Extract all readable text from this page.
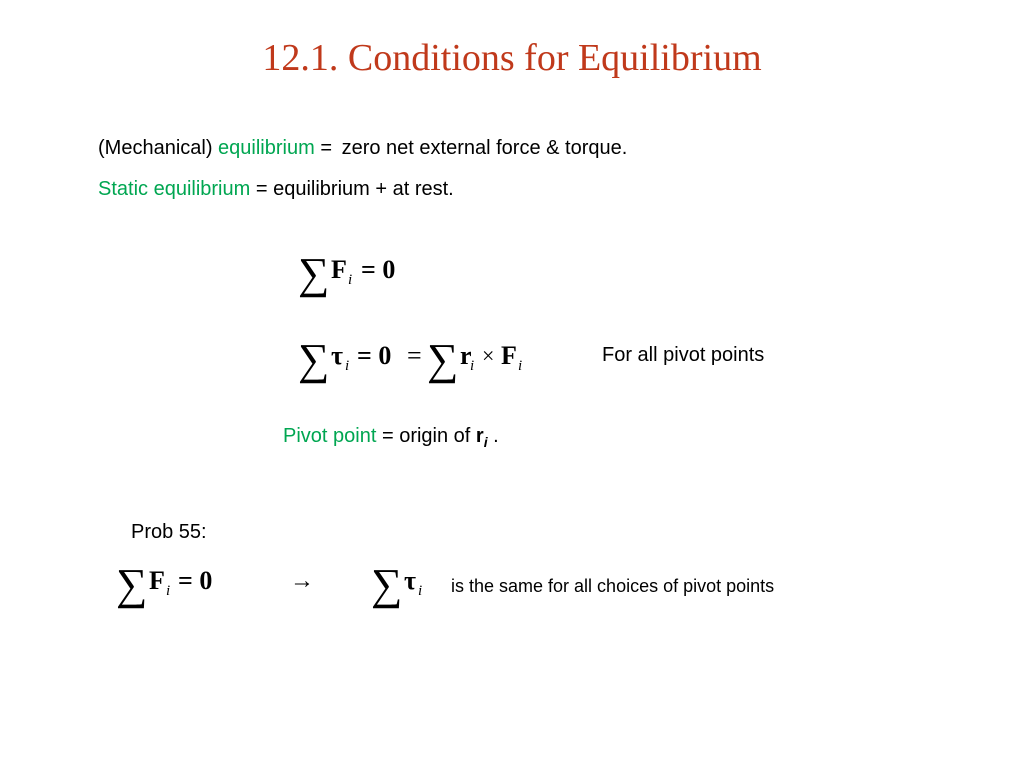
12.1. Conditions for Equilibrium
(Mechanical) equilibrium = zero net external force & torque.
Static equilibrium = equilibrium + at rest.
∑ F i = 0
∑ τ i = 0 = ∑ r
i × F i	For all pivot points
Pivot point = origin of $r_i$ .
Prob 55:
∑ F i = 0	→ ∑ τ i is the same for all choices of pivot points
